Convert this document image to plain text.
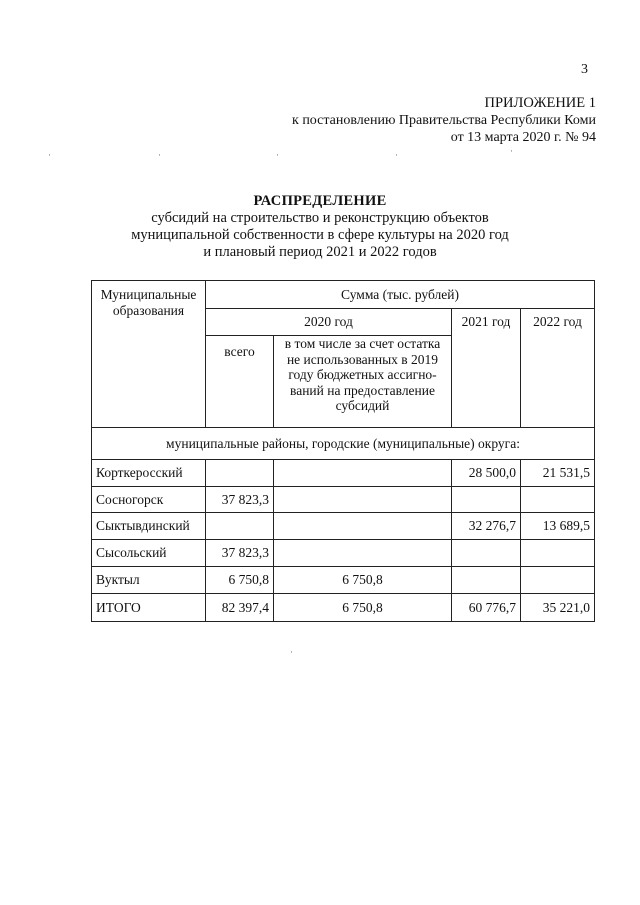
3
ПРИЛОЖЕНИЕ 1
к постановлению Правительства Республики Коми
от 13 марта 2020 г. № 94
·	·	·	·	·
·
РАСПРЕДЕЛЕНИЕ
субсидий на строительство и реконструкцию объектов
муниципальной собственности в сфере культуры на 2020 год
и плановый период 2021 и 2022 годов
Муниципальные образования	Сумма (тыс. рублей)			
	2020 год		2021 год	2022 год
	всего	в том числе за счет остатка
не использованных в 2019
году бюджетных ассигно-
ваний на предоставление
субсидий		

муниципальные районы, городские (муниципальные) округа:				
Корткеросский			28 500,0	21 531,5
Сосногорск	37 823,3			
Сыктывдинский			32 276,7	13 689,5
Сысольский	37 823,3			
Вуктыл	6 750,8	6 750,8		
ИТОГО	82 397,4	6 750,8	60 776,7	35 221,0
